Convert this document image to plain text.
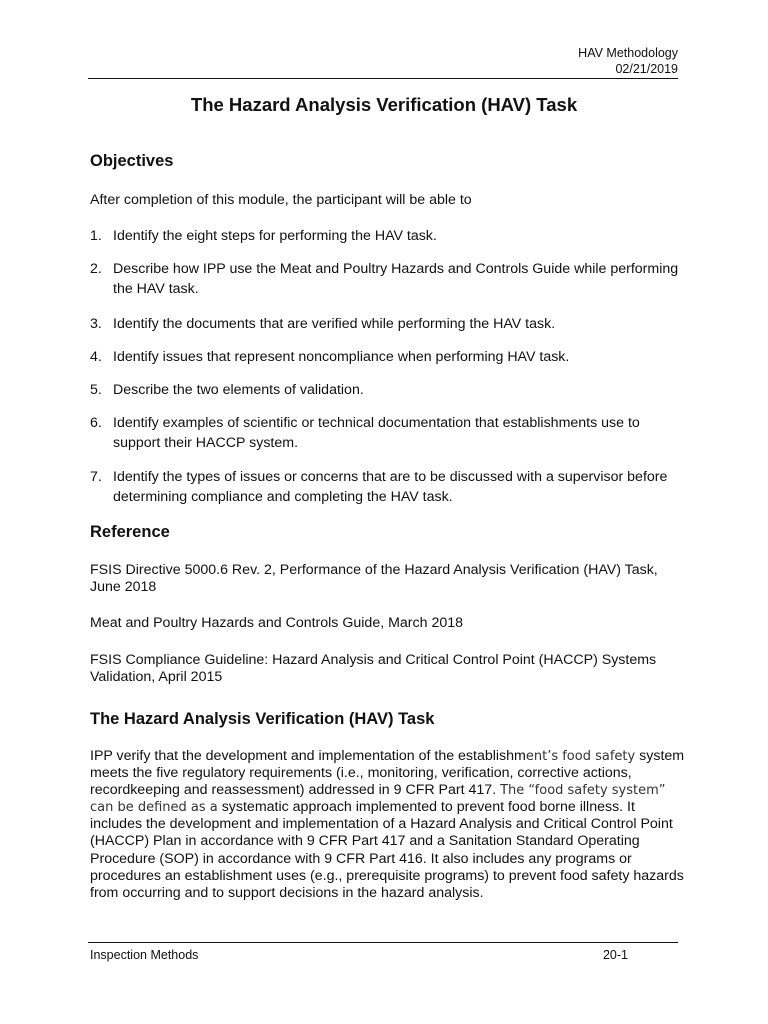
HAV Methodology
02/21/2019
The Hazard Analysis Verification (HAV) Task
Objectives

After completion of this module, the participant will be able to

1. Identify the eight steps for performing the HAV task.
2. Describe how IPP use the Meat and Poultry Hazards and Controls Guide while performing the HAV task.
3. Identify the documents that are verified while performing the HAV task.
4. Identify issues that represent noncompliance when performing HAV task.
5. Describe the two elements of validation.
6. Identify examples of scientific or technical documentation that establishments use to support their HACCP system.
7. Identify the types of issues or concerns that are to be discussed with a supervisor before determining compliance and completing the HAV task.
Reference

FSIS Directive 5000.6 Rev. 2, Performance of the Hazard Analysis Verification (HAV) Task, June 2018

Meat and Poultry Hazards and Controls Guide, March 2018

FSIS Compliance Guideline: Hazard Analysis and Critical Control Point (HACCP) Systems Validation, April 2015

The Hazard Analysis Verification (HAV) Task

IPP verify that the development and implementation of the establishment’s food safety system meets the five regulatory requirements (i.e., monitoring, verification, corrective actions, recordkeeping and reassessment) addressed in 9 CFR Part 417. The “food safety system” can be defined as a systematic approach implemented to prevent food borne illness. It includes the development and implementation of a Hazard Analysis and Critical Control Point (HACCP) Plan in accordance with 9 CFR Part 417 and a Sanitation Standard Operating Procedure (SOP) in accordance with 9 CFR Part 416. It also includes any programs or procedures an establishment uses (e.g., prerequisite programs) to prevent food safety hazards from occurring and to support decisions in the hazard analysis.

Inspection Methods	20-1
